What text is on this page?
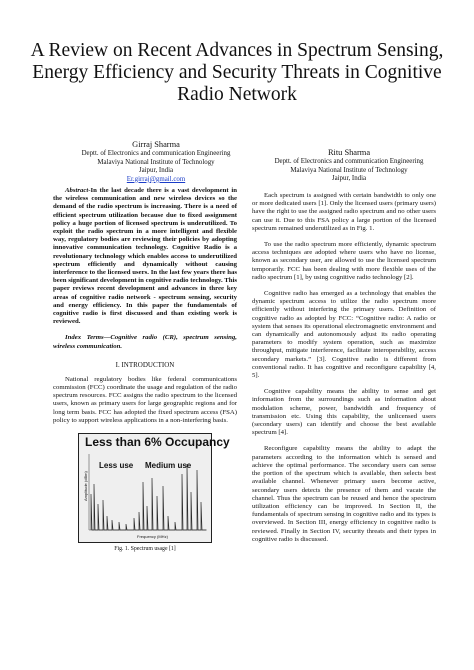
A Review on Recent Advances in Spectrum Sensing, Energy Efficiency and Security Threats in Cognitive Radio Network
Girraj Sharma
Deptt. of Electronics and communication Engineering
Malaviya National Institute of Technology
Jaipur, India
Er.girraj@gmail.com
Ritu Sharma
Deptt. of Electronics and communication Engineering
Malaviya National Institute of Technology
Jaipur, India

Abstract-In the last decade there is a vast development in the wireless communication and new wireless devices so the demand of the radio spectrum is increasing. There is a need of efficient spectrum utilization because due to fixed assignment policy a huge portion of licensed spectrum is underutilized. To exploit the radio spectrum in a more intelligent and flexible way, regulatory bodies are reviewing their policies by adopting innovative communication technology. Cognitive Radio is a revolutionary technology which enables access to underutilized spectrum efficiently and dynamically without causing interference to the licensed users. In the last few years there has been significant development in cognitive radio technology. This paper reviews recent development and advances in three key areas of cognitive radio network - spectrum sensing, security and energy efficiency. In this paper the fundamentals of cognitive radio is first discussed and than existing work is reviewed.

Index Terms—Cognitive radio (CR), spectrum sensing, wireless communication.

I. INTRODUCTION

National regulatory bodies like federal communications commission (FCC) coordinate the usage and regulation of the radio spectrum resources. FCC assigns the radio spectrum to the licensed users, known as primary users for large geographic regions and for long term basis. FCC has adopted the fixed spectrum access (FSA) policy to support wireless applications in a non-interfering basis.

Less than 6% Occupancy
Less use Medium use
Amplitude (dBm)
Frequency (MHz)
Fig. 1. Spectrum usage [1]

Each spectrum is assigned with certain bandwidth to only one or more dedicated users [1]. Only the licensed users (primary users) have the right to use the assigned radio spectrum and no other users can use it. Due to this FSA policy a large portion of the licensed spectrum remained underutilized as in Fig. 1.

To use the radio spectrum more efficiently, dynamic spectrum access techniques are adopted where users who have no license, known as secondary user, are allowed to use the licensed spectrum temporarily. FCC has been dealing with more flexible uses of the radio spectrum [1], by using cognitive radio technology [2].

Cognitive radio has emerged as a technology that enables the dynamic spectrum access to utilize the radio spectrum more efficiently without interfering the primary users. Definition of cognitive radio as adopted by FCC: “Cognitive radio: A radio or system that senses its operational electromagnetic environment and can dynamically and autonomously adjust its radio operating parameters to modify system operation, such as maximize throughput, mitigate interference, facilitate interoperability, access secondary markets.” [3]. Cognitive radio is different from conventional radio. It has cognitive and reconfigure capability [4, 5].

Cognitive capability means the ability to sense and get information from the surroundings such as information about modulation scheme, power, bandwidth and frequency of transmission etc. Using this capability, the unlicensed users (secondary users) can identify and choose the best available spectrum [4].

Reconfigure capability means the ability to adapt the parameters according to the information which is sensed and achieve the optimal performance. The secondary users can sense the portion of the spectrum which is available, then selects best available channel. Whenever primary users become active, secondary users detects the presence of them and vacate the channel. Thus the spectrum can be reused and hence the spectrum utilization efficiency can be improved. In Section II, the fundamentals of spectrum sensing in cognitive radio and its types is overviewed. In Section III, energy efficiency in cognitive radio is reviewed. Finally in Section IV, security threats and their types in cognitive radio is discussed.
